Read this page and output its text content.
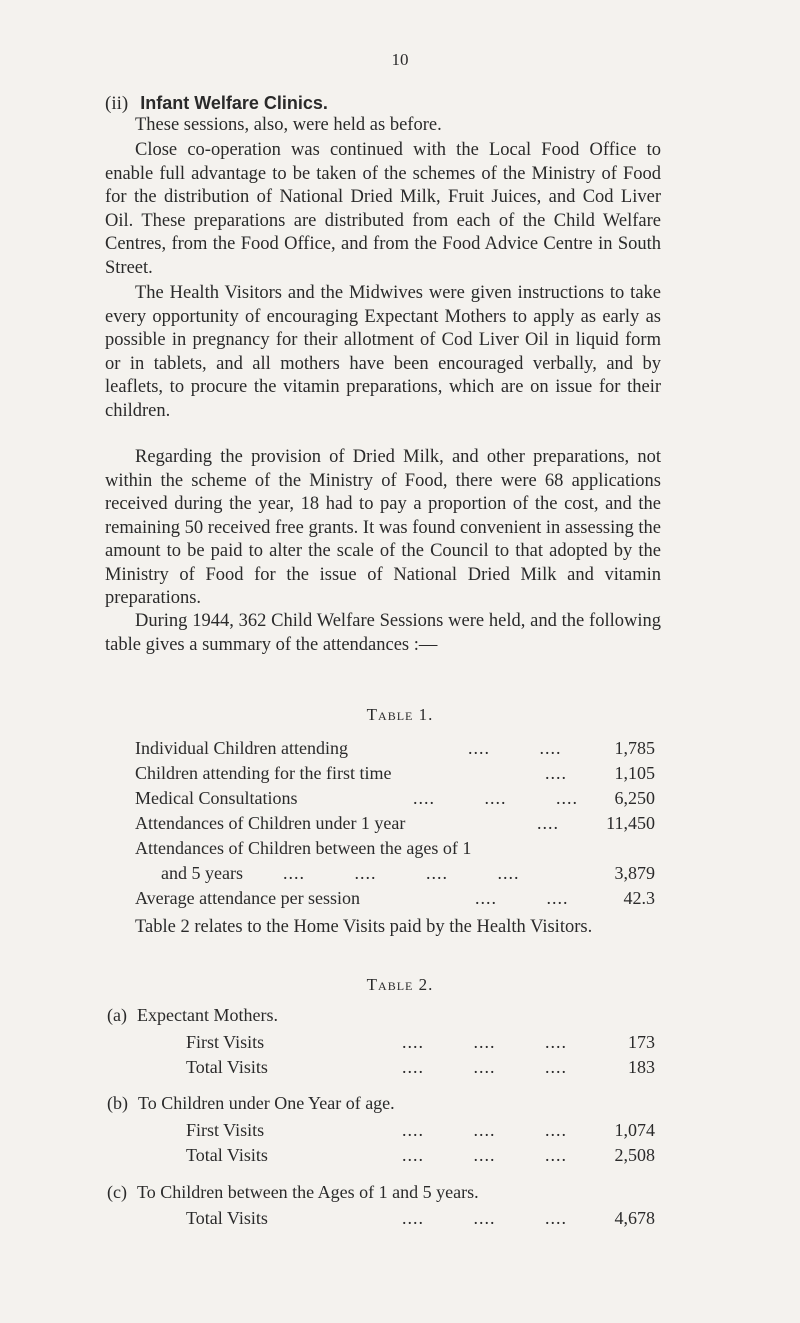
10
(ii) Infant Welfare Clinics.

These sessions, also, were held as before.

Close co-operation was continued with the Local Food Office to enable full advantage to be taken of the schemes of the Ministry of Food for the distribution of National Dried Milk, Fruit Juices, and Cod Liver Oil. These preparations are distributed from each of the Child Welfare Centres, from the Food Office, and from the Food Advice Centre in South Street.

The Health Visitors and the Midwives were given instructions to take every opportunity of encouraging Expectant Mothers to apply as early as possible in pregnancy for their allotment of Cod Liver Oil in liquid form or in tablets, and all mothers have been encouraged verbally, and by leaflets, to procure the vitamin preparations, which are on issue for their children.

Regarding the provision of Dried Milk, and other preparations, not within the scheme of the Ministry of Food, there were 68 applications received during the year, 18 had to pay a proportion of the cost, and the remaining 50 received free grants. It was found convenient in assessing the amount to be paid to alter the scale of the Council to that adopted by the Ministry of Food for the issue of National Dried Milk and vitamin preparations.

During 1944, 362 Child Welfare Sessions were held, and the following table gives a summary of the attendances :—

Table 1.
Individual Children attending	....         ....	1,785
Children attending for the first time	....	1,105
Medical Consultations	....         ....         .... 6,250
Attendances of Children under 1 year	....	11,450
Attendances of Children between the ages of 1
and 5 years ....         ....         ....         ....	3,879
Average attendance per session	....         ....	42.3

Table 2 relates to the Home Visits paid by the Health Visitors.

Table 2.
(a) Expectant Mothers.
First Visits	....         ....         ....	173
Total Visits	....         ....         ....	183
(b) To Children under One Year of age.
First Visits	....         ....         ....	1,074
Total Visits	....         ....         ....	2,508
(c) To Children between the Ages of 1 and 5 years.
Total Visits	....         ....         ....	4,678
